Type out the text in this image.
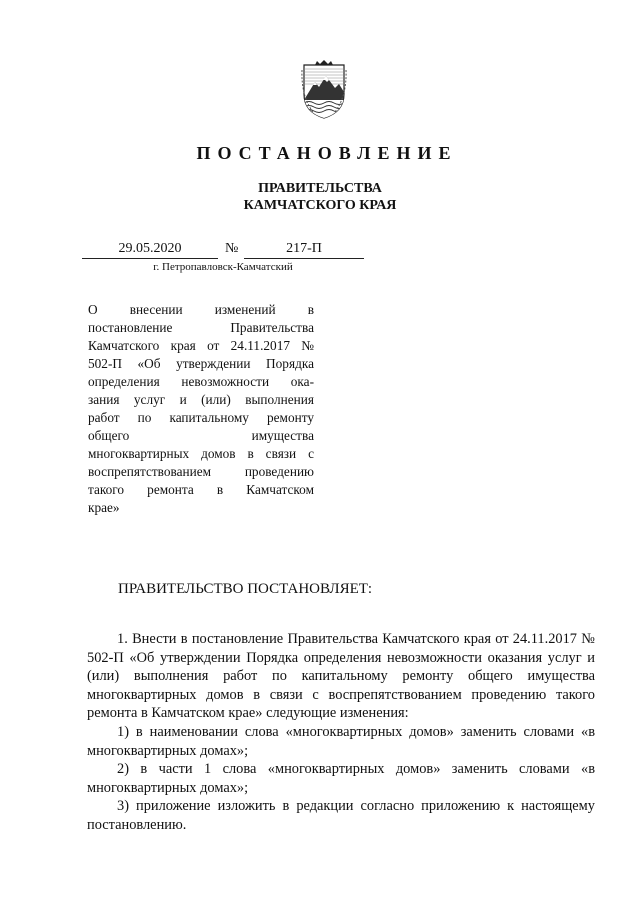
ПОСТАНОВЛЕНИЕ
ПРАВИТЕЛЬСТВА
КАМЧАТСКОГО КРАЯ
29.05.2020	№	217-П
г. Петропавловск-Камчатский
О внесении изменений в
постановление Правительства
Камчатского края от 24.11.2017 №
502-П «Об утверждении Порядка
определения невозможности ока-
зания услуг и (или) выполнения
работ по капитальному ремонту
общего имущества
многоквартирных домов в связи с
воспрепятствованием проведению
такого ремонта в Камчатском
крае»
ПРАВИТЕЛЬСТВО ПОСТАНОВЛЯЕТ:

1. Внести в постановление Правительства Камчатского края от 24.11.2017 № 502-П «Об утверждении Порядка определения невозможности оказания услуг и (или) выполнения работ по капитальному ремонту общего имущества многоквартирных домов в связи с воспрепятствованием проведению такого ремонта в Камчатском крае» следующие изменения:

1) в наименовании слова «многоквартирных домов» заменить словами «в многоквартирных домах»;

2) в части 1 слова «многоквартирных домов» заменить словами «в многоквартирных домах»;

3) приложение изложить в редакции согласно приложению к настоящему постановлению.
